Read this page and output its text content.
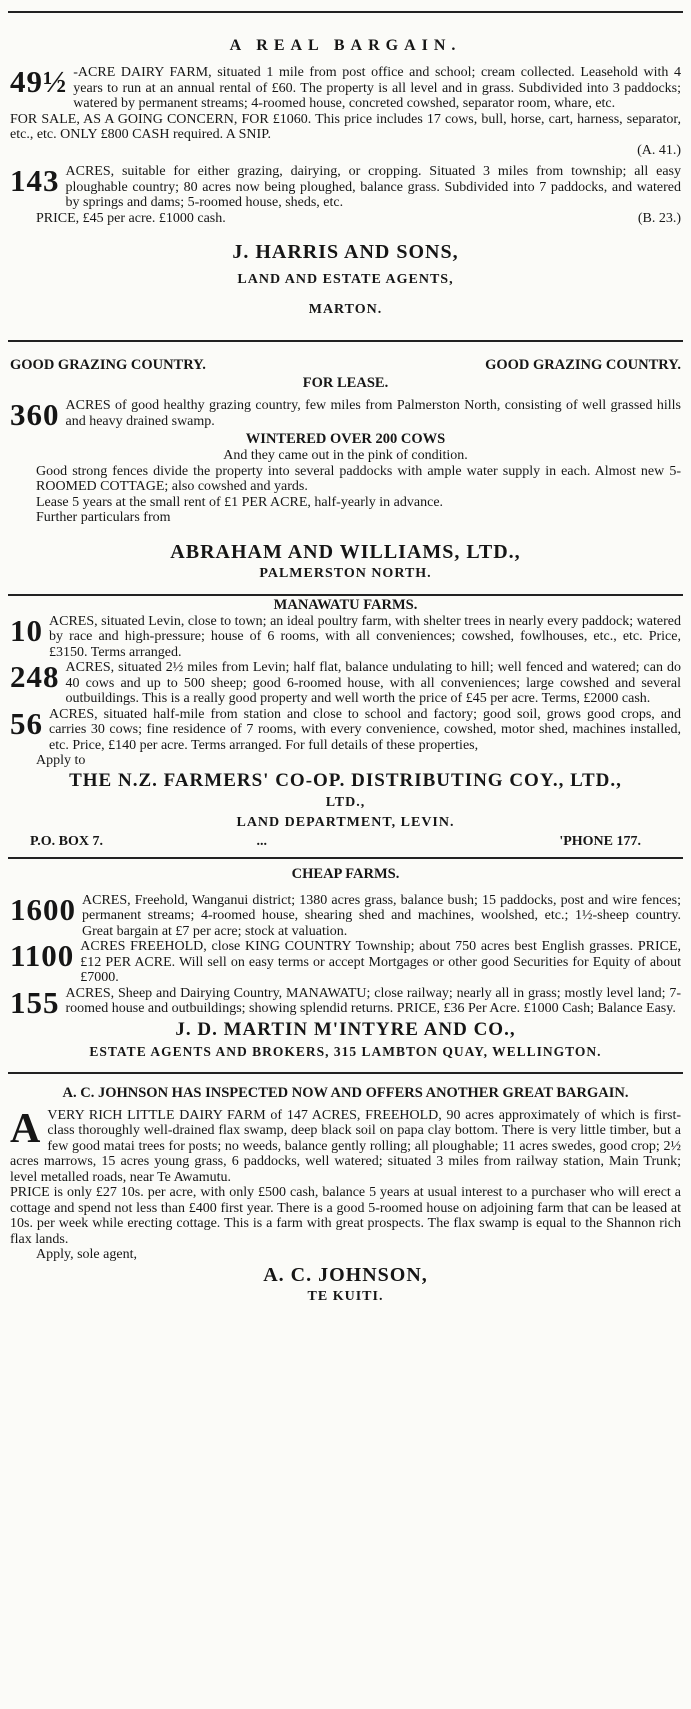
A REAL BARGAIN.
49½ -ACRE DAIRY FARM, situated 1 mile from post office and school; cream collected. Leasehold with 4 years to run at an annual rental of £60. The property is all level and in grass. Subdivided into 3 paddocks; watered by permanent streams; 4-roomed house, concreted cowshed, separator room, whare, etc.

FOR SALE, AS A GOING CONCERN, FOR £1060. This price includes 17 cows, bull, horse, cart, harness, separator, etc., etc. ONLY £800 CASH required. A SNIP.

(A. 41.)

143 ACRES, suitable for either grazing, dairying, or cropping. Situated 3 miles from township; all easy ploughable country; 80 acres now being ploughed, balance grass. Subdivided into 7 paddocks, and watered by springs and dams; 5-roomed house, sheds, etc.

PRICE, £45 per acre. £1000 cash.	(B. 23.)

J. HARRIS AND SONS,
LAND AND ESTATE AGENTS,
MARTON.
GOOD GRAZING COUNTRY.	GOOD GRAZING COUNTRY.
FOR LEASE.
360 ACRES of good healthy grazing country, few miles from Palmerston North, consisting of well grassed hills and heavy drained swamp.

WINTERED OVER 200 COWS

And they came out in the pink of condition.

Good strong fences divide the property into several paddocks with ample water supply in each. Almost new 5-ROOMED COTTAGE; also cowshed and yards.

Lease 5 years at the small rent of £1 PER ACRE, half-yearly in advance.

Further particulars from

ABRAHAM AND WILLIAMS, LTD.,
PALMERSTON NORTH.
MANAWATU FARMS.
10 ACRES, situated Levin, close to town; an ideal poultry farm, with shelter trees in nearly every paddock; watered by race and high-pressure; house of 6 rooms, with all conveniences; cowshed, fowlhouses, etc., etc. Price, £3150. Terms arranged.

248 ACRES, situated 2½ miles from Levin; half flat, balance undulating to hill; well fenced and watered; can do 40 cows and up to 500 sheep; good 6-roomed house, with all conveniences; large cowshed and several outbuildings. This is a really good property and well worth the price of £45 per acre. Terms, £2000 cash.

56 ACRES, situated half-mile from station and close to school and factory; good soil, grows good crops, and carries 30 cows; fine residence of 7 rooms, with every convenience, cowshed, motor shed, machines installed, etc. Price, £140 per acre. Terms arranged. For full details of these properties,

Apply to

THE N.Z. FARMERS' CO-OP. DISTRIBUTING COY., LTD.,
LTD.,
LAND DEPARTMENT, LEVIN.
P.O. BOX 7.	...	'PHONE 177.
CHEAP FARMS.
1600 ACRES, Freehold, Wanganui district; 1380 acres grass, balance bush; 15 paddocks, post and wire fences; permanent streams; 4-roomed house, shearing shed and machines, woolshed, etc.; 1½-sheep country. Great bargain at £7 per acre; stock at valuation.

1100 ACRES FREEHOLD, close KING COUNTRY Township; about 750 acres best English grasses. PRICE, £12 PER ACRE. Will sell on easy terms or accept Mortgages or other good Securities for Equity of about £7000.

155 ACRES, Sheep and Dairying Country, MANAWATU; close railway; nearly all in grass; mostly level land; 7-roomed house and outbuildings; showing splendid returns. PRICE, £36 Per Acre. £1000 Cash; Balance Easy.

J. D. MARTIN M'INTYRE AND CO.,
ESTATE AGENTS AND BROKERS, 315 LAMBTON QUAY, WELLINGTON.
A. C. JOHNSON HAS INSPECTED NOW AND OFFERS ANOTHER GREAT BARGAIN.
A VERY RICH LITTLE DAIRY FARM of 147 ACRES, FREEHOLD, 90 acres approximately of which is first-class thoroughly well-drained flax swamp, deep black soil on papa clay bottom. There is very little timber, but a few good matai trees for posts; no weeds, balance gently rolling; all ploughable; 11 acres swedes, good crop; 2½ acres marrows, 15 acres young grass, 6 paddocks, well watered; situated 3 miles from railway station, Main Trunk; level metalled roads, near Te Awamutu.

PRICE is only £27 10s. per acre, with only £500 cash, balance 5 years at usual interest to a purchaser who will erect a cottage and spend not less than £400 first year. There is a good 5-roomed house on adjoining farm that can be leased at 10s. per week while erecting cottage. This is a farm with great prospects. The flax swamp is equal to the Shannon rich flax lands.

Apply, sole agent,

A. C. JOHNSON,
TE KUITI.
